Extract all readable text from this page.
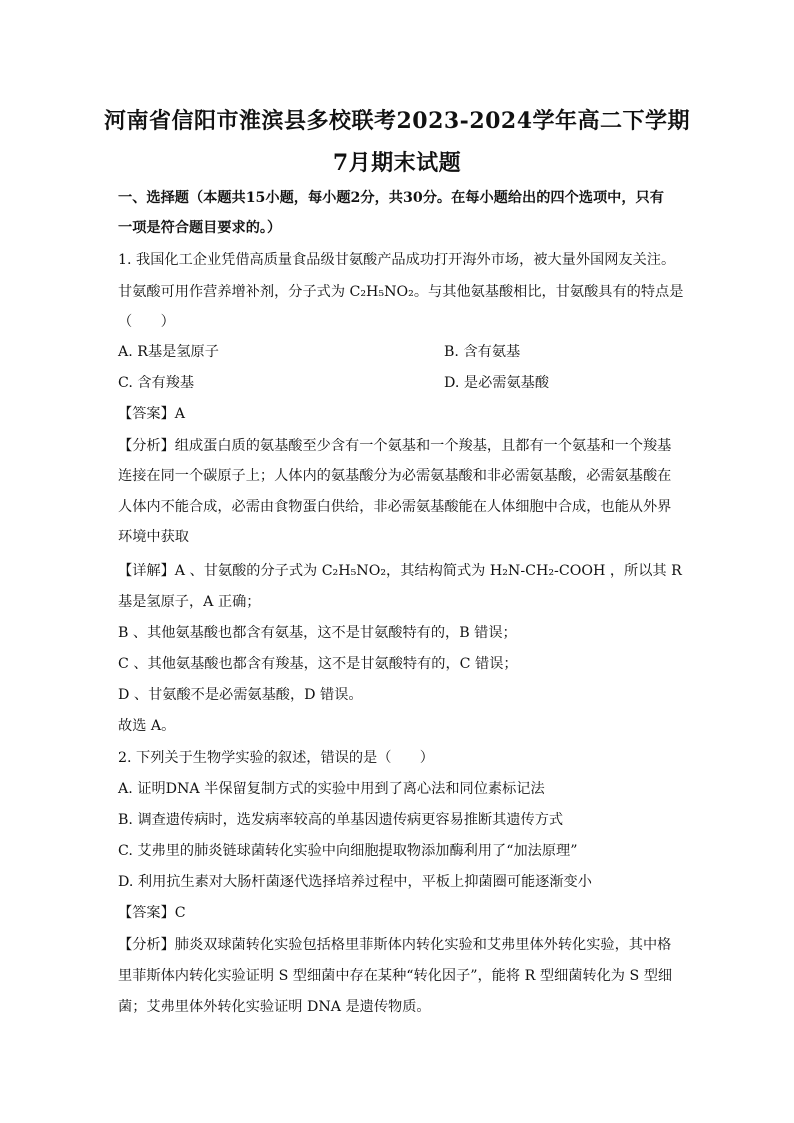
河南省信阳市淮滨县多校联考2023-2024学年高二下学期
7月期末试题
一、选择题（本题共15小题，每小题2分，共30分。在每小题给出的四个选项中，只有
一项是符合题目要求的。）
1. 我国化工企业凭借高质量食品级甘氨酸产品成功打开海外市场，被大量外国网友关注。
甘氨酸可用作营养增补剂，分子式为 C₂H₅NO₂。与其他氨基酸相比，甘氨酸具有的特点是
（　　）
A. R基是氢原子	B. 含有氨基
C. 含有羧基	D. 是必需氨基酸
【答案】A
【分析】组成蛋白质的氨基酸至少含有一个氨基和一个羧基，且都有一个氨基和一个羧基
连接在同一个碳原子上；人体内的氨基酸分为必需氨基酸和非必需氨基酸，必需氨基酸在
人体内不能合成，必需由食物蛋白供给，非必需氨基酸能在人体细胞中合成，也能从外界
环境中获取
【详解】A 、甘氨酸的分子式为 C₂H₅NO₂，其结构简式为 H₂N-CH₂-COOH ，所以其 R
基是氢原子，A 正确；
B 、其他氨基酸也都含有氨基，这不是甘氨酸特有的，B 错误；
C 、其他氨基酸也都含有羧基，这不是甘氨酸特有的，C 错误；
D 、甘氨酸不是必需氨基酸，D 错误。
故选 A。
2. 下列关于生物学实验的叙述，错误的是（　　）
A. 证明DNA 半保留复制方式的实验中用到了离心法和同位素标记法
B. 调查遗传病时，选发病率较高的单基因遗传病更容易推断其遗传方式
C. 艾弗里的肺炎链球菌转化实验中向细胞提取物添加酶利用了“加法原理”
D. 利用抗生素对大肠杆菌逐代选择培养过程中，平板上抑菌圈可能逐渐变小
【答案】C
【分析】肺炎双球菌转化实验包括格里菲斯体内转化实验和艾弗里体外转化实验，其中格
里菲斯体内转化实验证明 S 型细菌中存在某种“转化因子”，能将 R 型细菌转化为 S 型细
菌；艾弗里体外转化实验证明 DNA 是遗传物质。
